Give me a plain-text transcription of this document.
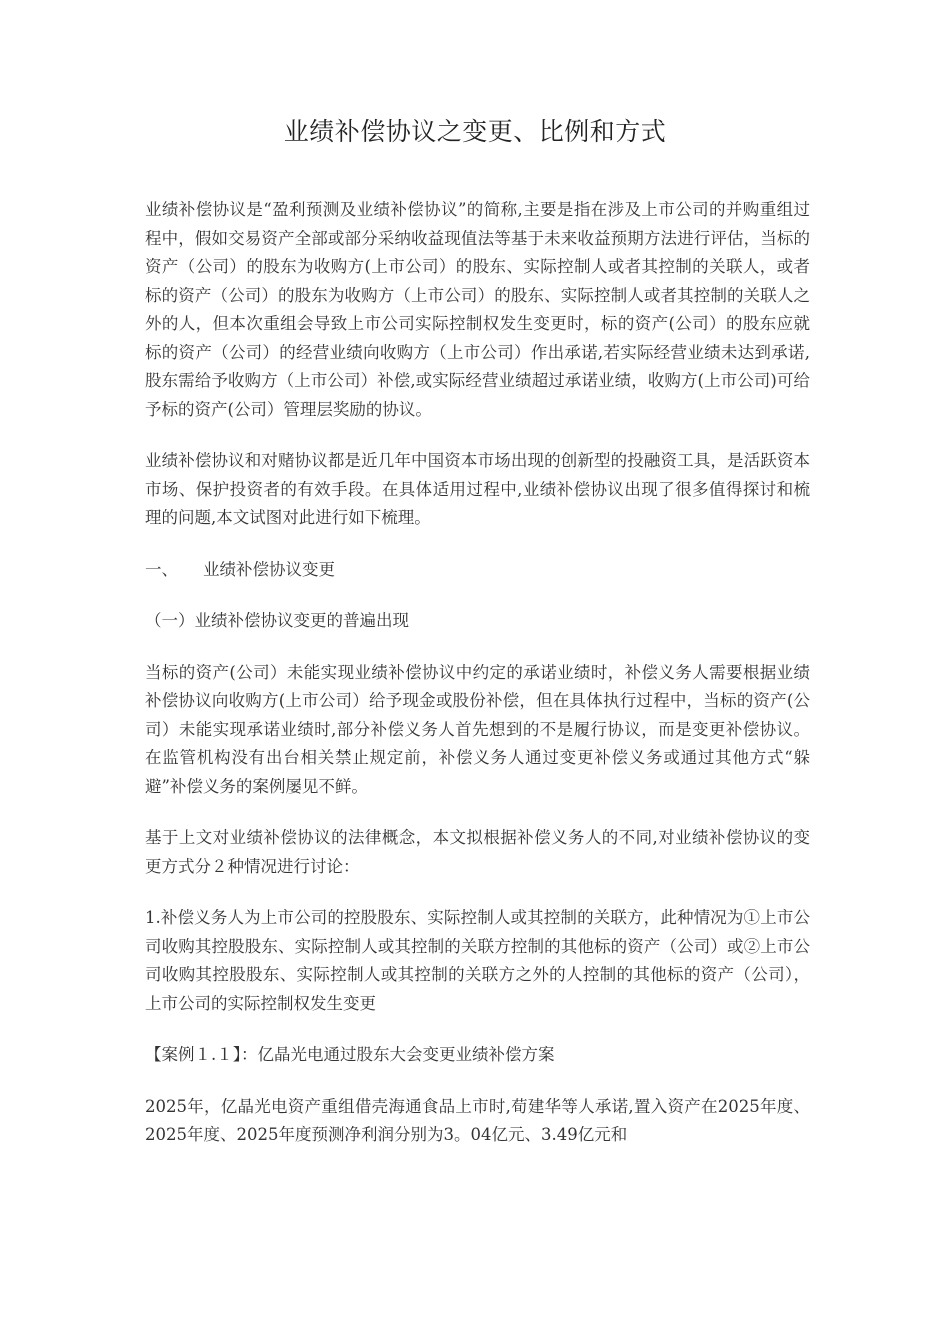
业绩补偿协议之变更、比例和方式

业绩补偿协议是“盈利预测及业绩补偿协议”的简称,主要是指在涉及上市公司的并购重组过程中，假如交易资产全部或部分采纳收益现值法等基于未来收益预期方法进行评估，当标的资产（公司）的股东为收购方(上市公司）的股东、实际控制人或者其控制的关联人，或者标的资产（公司）的股东为收购方（上市公司）的股东、实际控制人或者其控制的关联人之外的人，但本次重组会导致上市公司实际控制权发生变更时，标的资产(公司）的股东应就标的资产（公司）的经营业绩向收购方（上市公司）作出承诺,若实际经营业绩未达到承诺,股东需给予收购方（上市公司）补偿,或实际经营业绩超过承诺业绩，收购方(上市公司)可给予标的资产(公司）管理层奖励的协议。

业绩补偿协议和对赌协议都是近几年中国资本市场出现的创新型的投融资工具，是活跃资本市场、保护投资者的有效手段。在具体适用过程中,业绩补偿协议出现了很多值得探讨和梳理的问题,本文试图对此进行如下梳理。

一、 业绩补偿协议变更

（一）业绩补偿协议变更的普遍出现

当标的资产(公司）未能实现业绩补偿协议中约定的承诺业绩时，补偿义务人需要根据业绩补偿协议向收购方(上市公司）给予现金或股份补偿，但在具体执行过程中，当标的资产(公司）未能实现承诺业绩时,部分补偿义务人首先想到的不是履行协议，而是变更补偿协议。在监管机构没有出台相关禁止规定前，补偿义务人通过变更补偿义务或通过其他方式“躲避”补偿义务的案例屡见不鲜。

基于上文对业绩补偿协议的法律概念，本文拟根据补偿义务人的不同,对业绩补偿协议的变更方式分２种情况进行讨论：

1.补偿义务人为上市公司的控股股东、实际控制人或其控制的关联方，此种情况为①上市公司收购其控股股东、实际控制人或其控制的关联方控制的其他标的资产（公司）或②上市公司收购其控股股东、实际控制人或其控制的关联方之外的人控制的其他标的资产（公司），上市公司的实际控制权发生变更

【案例１.１】：亿晶光电通过股东大会变更业绩补偿方案

2025年，亿晶光电资产重组借壳海通食品上市时,荀建华等人承诺,置入资产在2025年度、2025年度、2025年度预测净利润分别为3。04亿元、3.49亿元和
